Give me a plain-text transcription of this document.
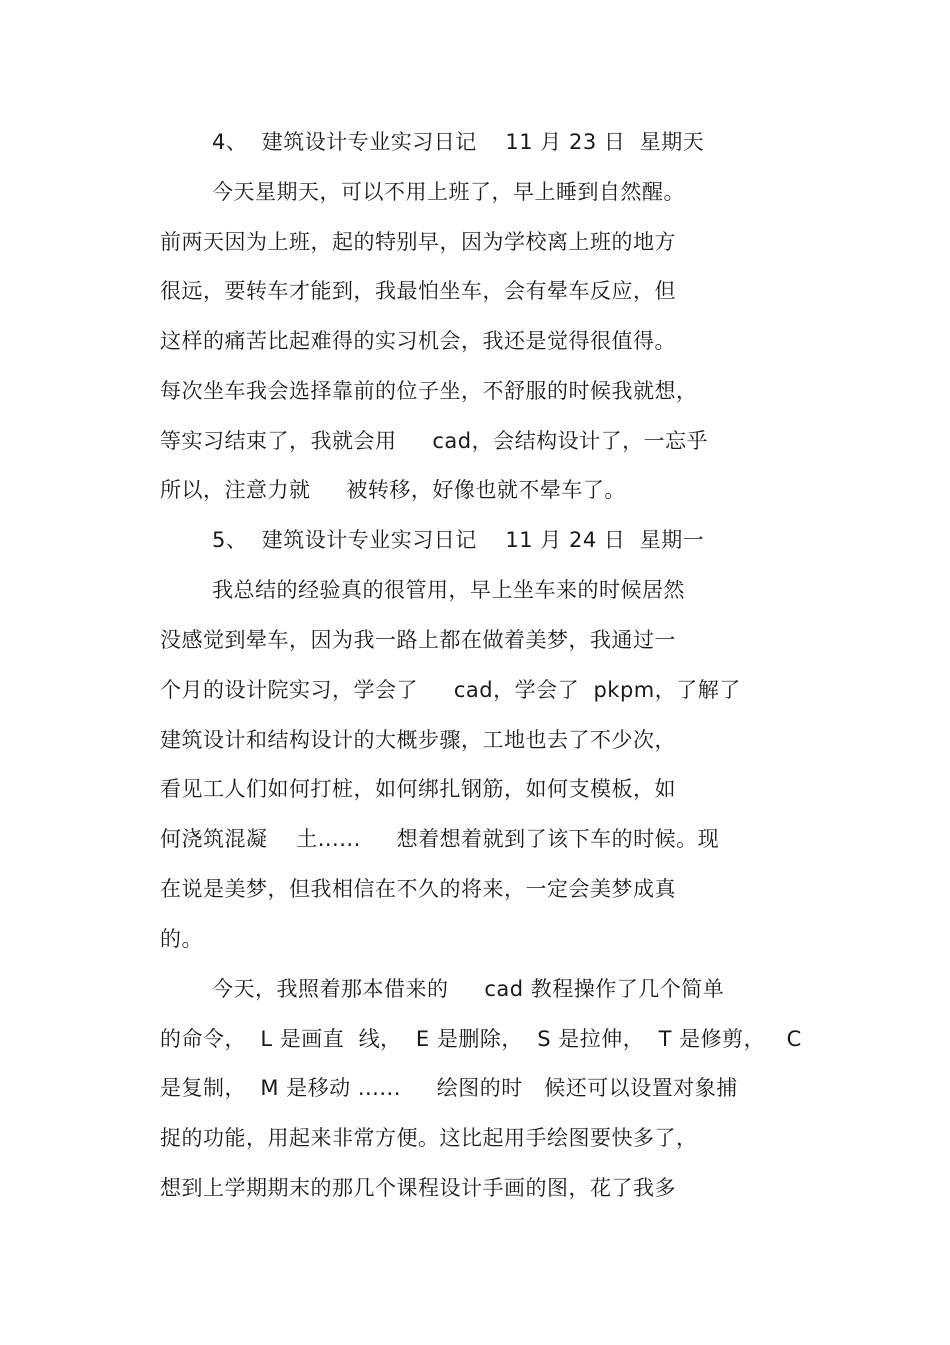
4、  建筑设计专业实习日记    11 月 23 日  星期天
今天星期天，可以不用上班了，早上睡到自然醒。
前两天因为上班，起的特别早，因为学校离上班的地方
很远，要转车才能到，我最怕坐车，会有晕车反应，但
这样的痛苦比起难得的实习机会，我还是觉得很值得。
每次坐车我会选择靠前的位子坐，不舒服的时候我就想，
等实习结束了，我就会用     cad，会结构设计了，一忘乎
所以，注意力就     被转移，好像也就不晕车了。
5、  建筑设计专业实习日记    11 月 24 日  星期一
我总结的经验真的很管用，早上坐车来的时候居然
没感觉到晕车，因为我一路上都在做着美梦，我通过一
个月的设计院实习，学会了     cad，学会了  pkpm，了解了
建筑设计和结构设计的大概步骤，工地也去了不少次，
看见工人们如何打桩，如何绑扎钢筋，如何支模板，如
何浇筑混凝    土......     想着想着就到了该下车的时候。现
在说是美梦，但我相信在不久的将来，一定会美梦成真
的。
今天，我照着那本借来的     cad 教程操作了几个简单
的命令，  L 是画直  线，  E 是删除，  S 是拉伸，  T 是修剪，   C
是复制，  M 是移动 ......     绘图的时   候还可以设置对象捕
捉的功能，用起来非常方便。这比起用手绘图要快多了，
想到上学期期末的那几个课程设计手画的图，花了我多
